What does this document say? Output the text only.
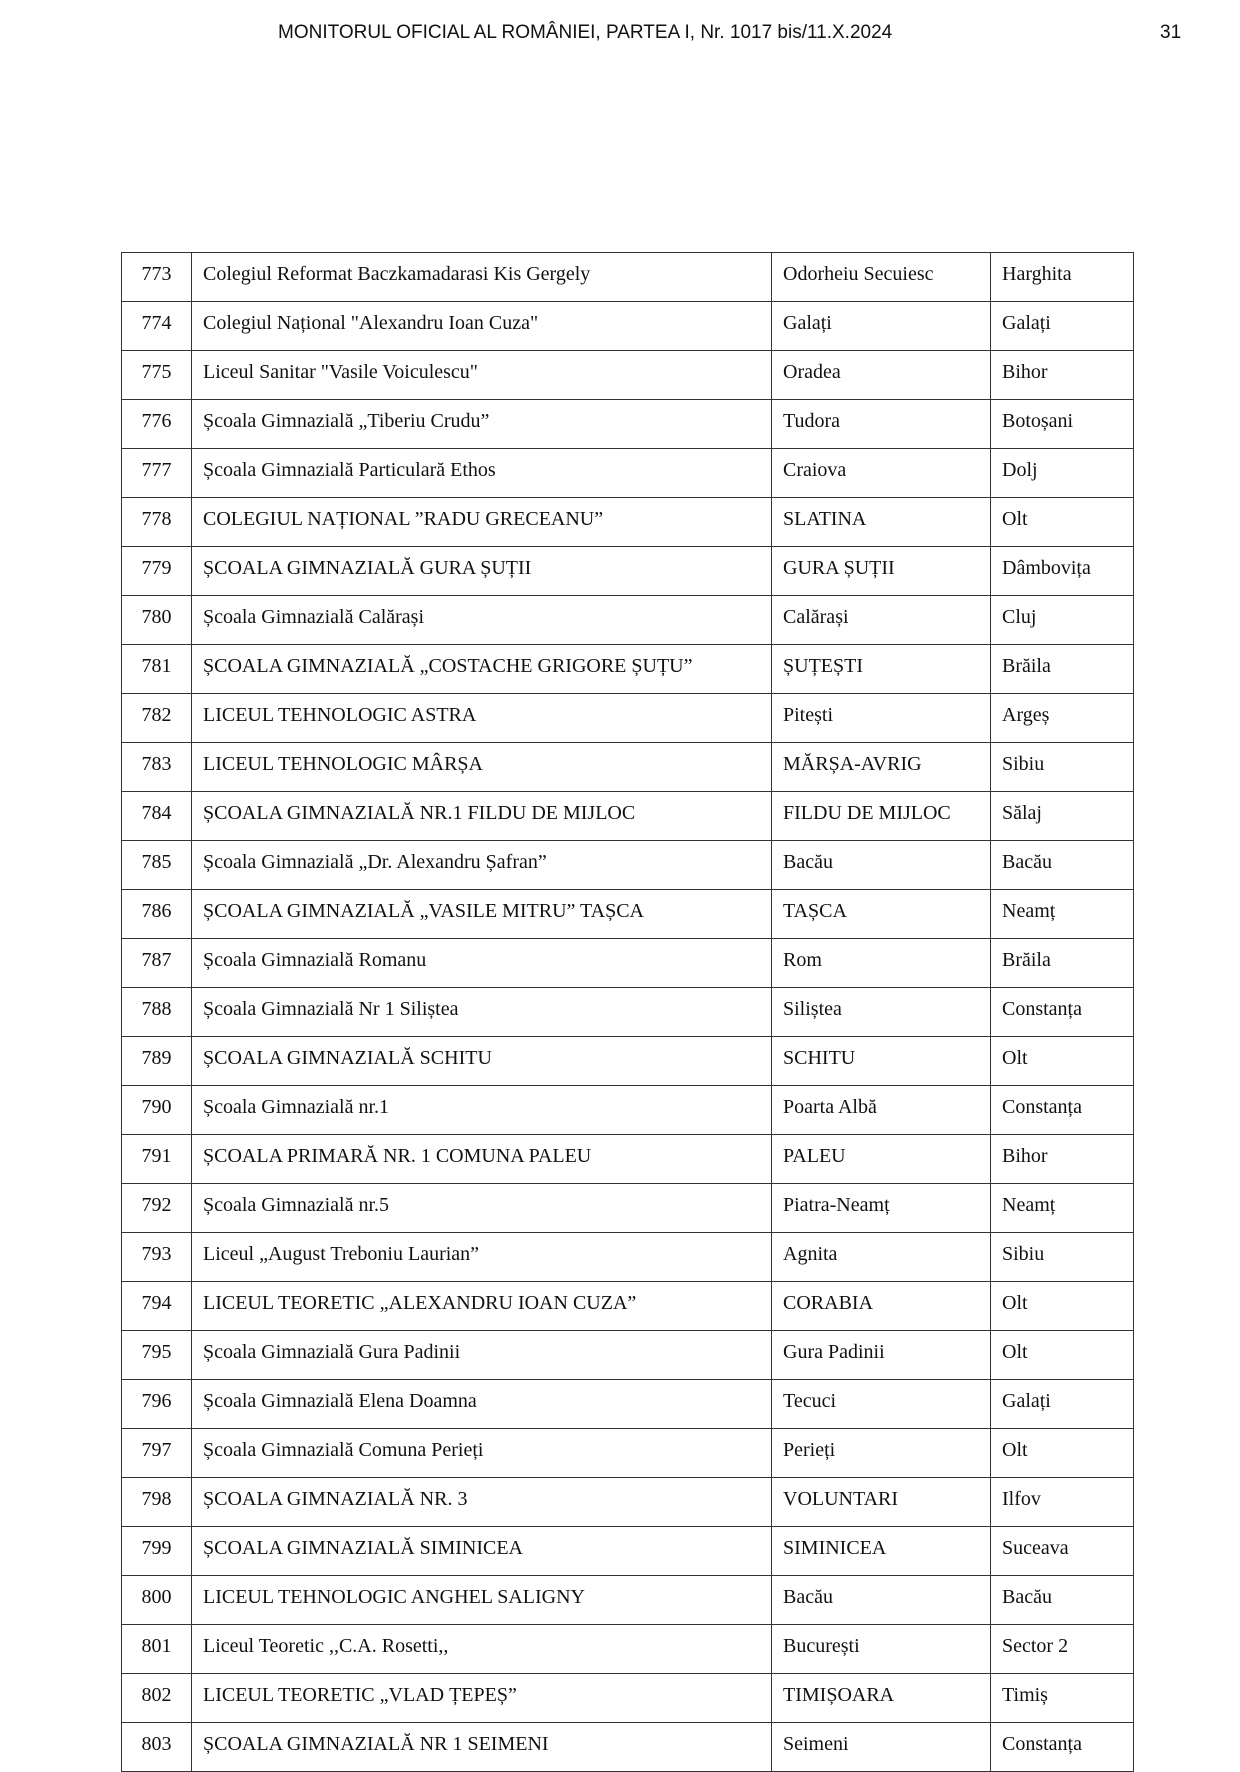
MONITORUL OFICIAL AL ROMÂNIEI, PARTEA I, Nr. 1017 bis/11.X.2024	31
773	Colegiul Reformat Baczkamadarasi Kis Gergely	Odorheiu Secuiesc	Harghita
774	Colegiul Național "Alexandru Ioan Cuza"	Galați	Galați
775	Liceul Sanitar "Vasile Voiculescu"	Oradea	Bihor
776	Școala Gimnazială „Tiberiu Crudu”	Tudora	Botoșani
777	Școala Gimnazială Particulară Ethos	Craiova	Dolj
778	COLEGIUL NAȚIONAL ”RADU GRECEANU”	SLATINA	Olt
779	ȘCOALA GIMNAZIALĂ GURA ȘUȚII	GURA ȘUȚII	Dâmbovița
780	Școala Gimnazială Calărași	Calărași	Cluj
781	ȘCOALA GIMNAZIALĂ „COSTACHE GRIGORE ȘUȚU”	ȘUȚEȘTI	Brăila
782	LICEUL TEHNOLOGIC ASTRA	Pitești	Argeș
783	LICEUL TEHNOLOGIC MÂRȘA	MĂRȘA-AVRIG	Sibiu
784	ȘCOALA GIMNAZIALĂ NR.1 FILDU DE MIJLOC	FILDU DE MIJLOC	Sălaj
785	Școala Gimnazială „Dr. Alexandru Șafran”	Bacău	Bacău
786	ȘCOALA GIMNAZIALĂ „VASILE MITRU” TAȘCA	TAȘCA	Neamț
787	Școala Gimnazială Romanu	Rom	Brăila
788	Școala Gimnazială Nr 1 Siliștea	Siliștea	Constanța
789	ȘCOALA GIMNAZIALĂ SCHITU	SCHITU	Olt
790	Școala Gimnazială nr.1	Poarta Albă	Constanța
791	ȘCOALA PRIMARĂ NR. 1 COMUNA PALEU	PALEU	Bihor
792	Școala Gimnazială nr.5	Piatra-Neamț	Neamț
793	Liceul „August Treboniu Laurian”	Agnita	Sibiu
794	LICEUL TEORETIC „ALEXANDRU IOAN CUZA”	CORABIA	Olt
795	Școala Gimnazială Gura Padinii	Gura Padinii	Olt
796	Școala Gimnazială Elena Doamna	Tecuci	Galați
797	Școala Gimnazială Comuna Perieți	Perieți	Olt
798	ȘCOALA GIMNAZIALĂ NR. 3	VOLUNTARI	Ilfov
799	ȘCOALA GIMNAZIALĂ SIMINICEA	SIMINICEA	Suceava
800	LICEUL TEHNOLOGIC ANGHEL SALIGNY	Bacău	Bacău
801	Liceul Teoretic ,,C.A. Rosetti,,	București	Sector 2
802	LICEUL TEORETIC „VLAD ȚEPEȘ”	TIMIȘOARA	Timiș
803	ȘCOALA GIMNAZIALĂ NR 1 SEIMENI	Seimeni	Constanța
